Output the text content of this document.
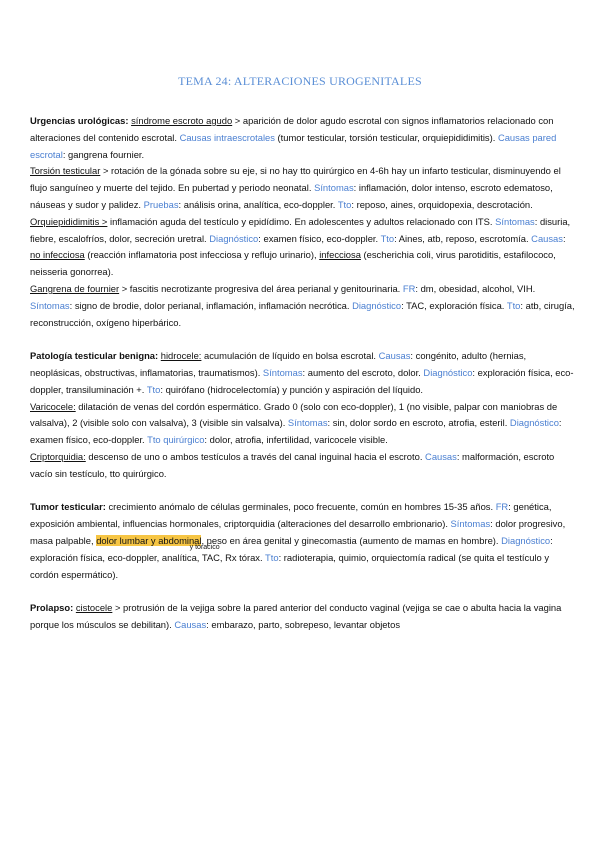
TEMA 24: ALTERACIONES UROGENITALES

Urgencias urológicas: síndrome escroto agudo > aparición de dolor agudo escrotal con signos inflamatorios relacionado con alteraciones del contenido escrotal. Causas intraescrotales (tumor testicular, torsión testicular, orquiepididimitis). Causas pared escrotal: gangrena fournier.

Torsión testicular > rotación de la gónada sobre su eje, si no hay tto quirúrgico en 4-6h hay un infarto testicular, disminuyendo el flujo sanguíneo y muerte del tejido. En pubertad y periodo neonatal. Síntomas: inflamación, dolor intenso, escroto edematoso, náuseas y sudor y palidez. Pruebas: análisis orina, analítica, eco-doppler. Tto: reposo, aines, orquidopexia, descrotación.

Orquiepididimitis > inflamación aguda del testículo y epidídimo. En adolescentes y adultos relacionado con ITS. Síntomas: disuria, fiebre, escalofríos, dolor, secreción uretral. Diagnóstico: examen físico, eco-doppler. Tto: Aines, atb, reposo, escrotomía. Causas: no infecciosa (reacción inflamatoria post infecciosa y reflujo urinario), infecciosa (escherichia coli, virus parotiditis, estafilococo, neisseria gonorrea).

Gangrena de fournier > fascitis necrotizante progresiva del área perianal y genitourinaria. FR: dm, obesidad, alcohol, VIH. Síntomas: signo de brodie, dolor perianal, inflamación, inflamación necrótica. Diagnóstico: TAC, exploración física. Tto: atb, cirugía, reconstrucción, oxígeno hiperbárico.

Patología testicular benigna: hidrocele: acumulación de líquido en bolsa escrotal. Causas: congénito, adulto (hernias, neoplásicas, obstructivas, inflamatorias, traumatismos). Síntomas: aumento del escroto, dolor. Diagnóstico: exploración física, eco-doppler, transiluminación +. Tto: quirófano (hidrocelectomía) y punción y aspiración del líquido.

Varicocele: dilatación de venas del cordón espermático. Grado 0 (solo con eco-doppler), 1 (no visible, palpar con maniobras de valsalva), 2 (visible solo con valsalva), 3 (visible sin valsalva). Síntomas: sin, dolor sordo en escroto, atrofia, esteril. Diagnóstico: examen físico, eco-doppler. Tto quirúrgico: dolor, atrofia, infertilidad, varicocele visible.

Criptorquidia: descenso de uno o ambos testículos a través del canal inguinal hacia el escroto. Causas: malformación, escroto vacío sin testículo, tto quirúrgico.

Tumor testicular: crecimiento anómalo de células germinales, poco frecuente, común en hombres 15-35 años. FR: genética, exposición ambiental, influencias hormonales, criptorquidia (alteraciones del desarrollo embrionario). Síntomas: dolor progresivo, masa palpable, dolor lumbar y abdominal, peso en área genital y ginecomastia (aumento de mamas en hombre). Diagnóstico: exploración física,
y tóracico
eco-doppler, analítica, TAC, Rx tórax. Tto: radioterapia, quimio, orquiectomía radical (se quita el testículo y cordón espermático).

Prolapso: cistocele > protrusión de la vejiga sobre la pared anterior del conducto vaginal (vejiga se cae o abulta hacia la vagina porque los músculos se debilitan). Causas: embarazo, parto, sobrepeso, levantar objetos
